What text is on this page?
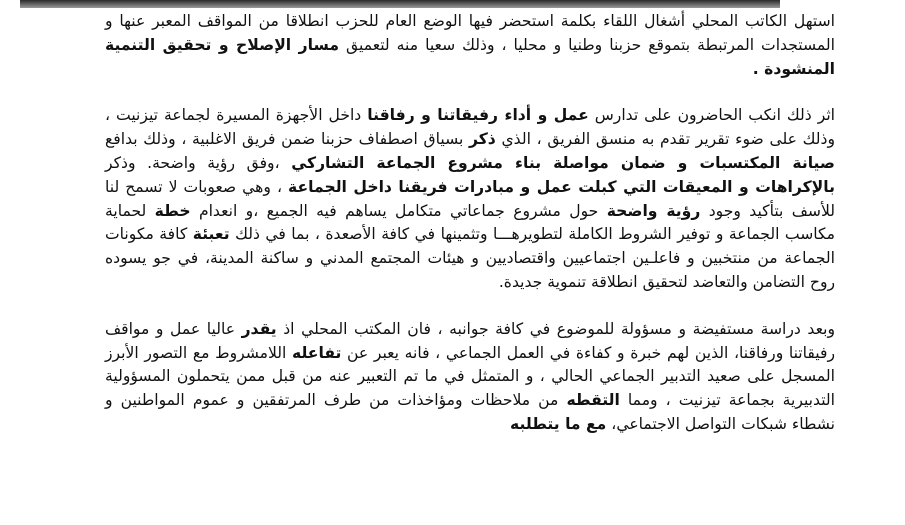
استهل الكاتب المحلي أشغال اللقاء بكلمة استحضر فيها الوضع العام للحزب انطلاقا من المواقف المعبر عنها و المستجدات المرتبطة بتموقع حزبنا وطنيا و محليا ، وذلك سعيا منه لتعميق مسار الإصلاح و تحقيق التنمية المنشودة .

اثر ذلك انكب الحاضرون على تدارس عمل و أداء رفيقاتنا و رفاقنا داخل الأجهزة المسيرة لجماعة تيزنيت ، وذلك على ضوء تقرير تقدم به منسق الفريق ، الذي ذكر بسياق اصطفاف حزبنا ضمن فريق الاغلبية ، وذلك بدافع صيانة المكتسبات و ضمان مواصلة بناء مشروع الجماعة التشاركي ،وفق رؤية واضحة. وذكر بالإكراهات و المعيقات التي كبلت عمل و مبادرات فريقنا داخل الجماعة ، وهي صعوبات لا تسمح لنا للأسف بتأكيد وجود رؤية واضحة حول مشروع جماعاتي متكامل يساهم فيه الجميع ،و انعدام خطة لحماية مكاسب الجماعة و توفير الشروط الكاملة لتطويرهـــا وتثمينها في كافة الأصعدة ، بما في ذلك تعبئة كافة مكونات الجماعة من منتخبين و فاعلـين اجتماعيين واقتصاديين و هيئات المجتمع المدني و ساكنة المدينة، في جو يسوده روح التضامن والتعاضد لتحقيق انطلاقة تنموية جديدة.

وبعد دراسة مستفيضة و مسؤولة للموضوع في كافة جوانبه ، فان المكتب المحلي اذ يقدر عاليا عمل و مواقف رفيقاتنا ورفاقنا، الذين لهم خبرة و كفاءة في العمل الجماعي ، فانه يعبر عن تفاعله اللامشروط مع التصور الأبرز المسجل على صعيد التدبير الجماعي الحالي ، و المتمثل في ما تم التعبير عنه من قبل ممن يتحملون المسؤولية التدبيرية بجماعة تيزنيت ، ومما التقطه من ملاحظات ومؤاخذات من طرف المرتفقين و عموم المواطنين و نشطاء شبكات التواصل الاجتماعي، مع ما يتطلبه
